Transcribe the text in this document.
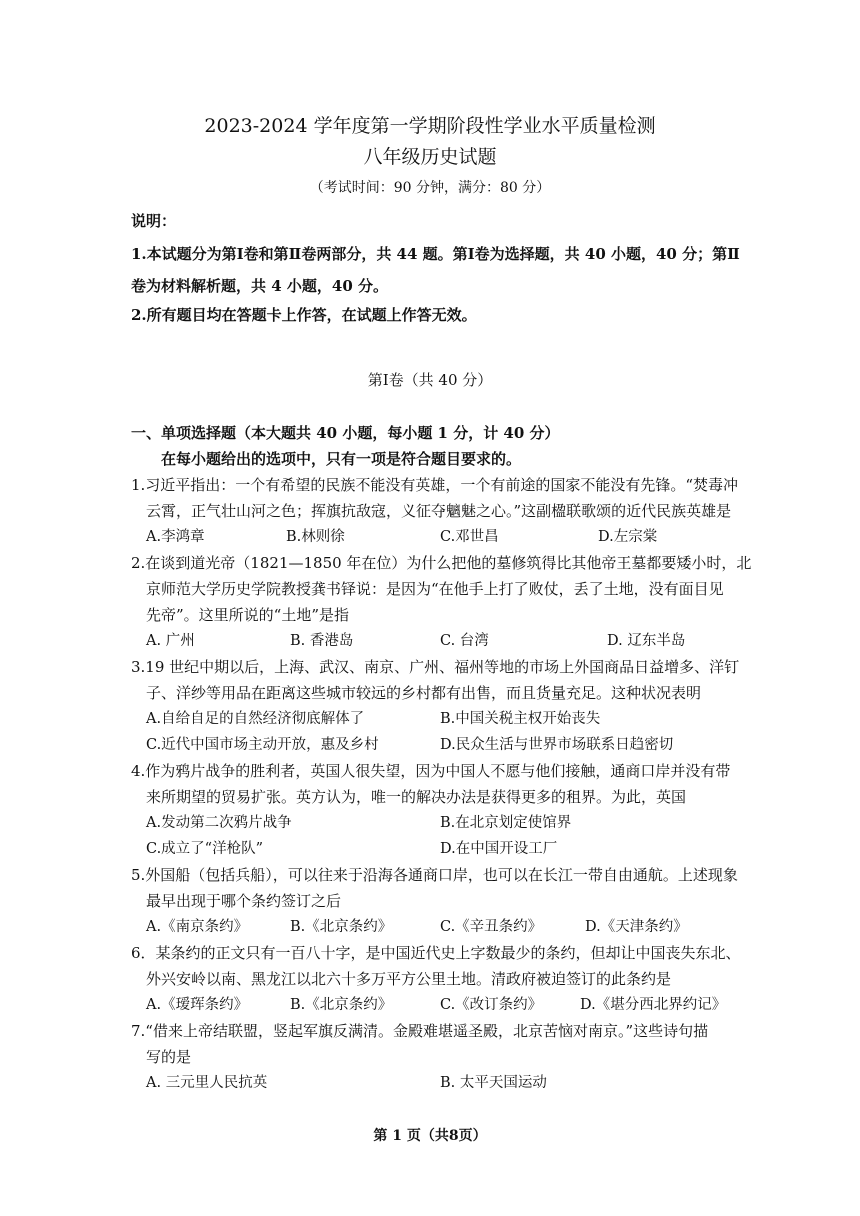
2023-2024 学年度第一学期阶段性学业水平质量检测
八年级历史试题
（考试时间：90 分钟，满分：80 分）
说明：
1.本试题分为第Ⅰ卷和第Ⅱ卷两部分，共 44 题。第Ⅰ卷为选择题，共 40 小题，40 分；第Ⅱ
卷为材料解析题，共 4 小题，40 分。
2.所有题目均在答题卡上作答，在试题上作答无效。
第Ⅰ卷（共 40 分）
一、单项选择题（本大题共 40 小题，每小题 1 分，计 40 分）
在每小题给出的选项中，只有一项是符合题目要求的。
1.习近平指出：一个有希望的民族不能没有英雄，一个有前途的国家不能没有先锋。“焚毒冲
云霄，正气壮山河之色；挥旗抗敌寇，义征夺魑魅之心。”这副楹联歌颂的近代民族英雄是
A.李鸿章	B.林则徐	C.邓世昌	D.左宗棠
2.在谈到道光帝（1821—1850 年在位）为什么把他的墓修筑得比其他帝王墓都要矮小时，北
京师范大学历史学院教授龚书铎说：是因为“在他手上打了败仗，丢了土地，没有面目见
先帝”。这里所说的“土地”是指
A. 广州	B. 香港岛	C. 台湾	D. 辽东半岛
3.19 世纪中期以后，上海、武汉、南京、广州、福州等地的市场上外国商品日益增多、洋钉
子、洋纱等用品在距离这些城市较远的乡村都有出售，而且货量充足。这种状况表明
A.自给自足的自然经济彻底解体了	B.中国关税主权开始丧失
C.近代中国市场主动开放，惠及乡村	D.民众生活与世界市场联系日趋密切
4.作为鸦片战争的胜利者，英国人很失望，因为中国人不愿与他们接触，通商口岸并没有带
来所期望的贸易扩张。英方认为，唯一的解决办法是获得更多的租界。为此，英国
A.发动第二次鸦片战争	B.在北京划定使馆界
C.成立了“洋枪队”	D.在中国开设工厂
5.外国船（包括兵船），可以往来于沿海各通商口岸，也可以在长江一带自由通航。上述现象
最早出现于哪个条约签订之后
A.《南京条约》	B.《北京条约》	C.《辛丑条约》	D.《天津条约》
6．某条约的正文只有一百八十字，是中国近代史上字数最少的条约，但却让中国丧失东北、
外兴安岭以南、黑龙江以北六十多万平方公里土地。清政府被迫签订的此条约是
A.《瑷珲条约》	B.《北京条约》	C.《改订条约》	D.《堪分西北界约记》
7.“借来上帝结联盟，竖起军旗反满清。金殿难堪遥圣殿，北京苦恼对南京。”这些诗句描
写的是
A. 三元里人民抗英	B. 太平天国运动
第 1 页（共8页）
